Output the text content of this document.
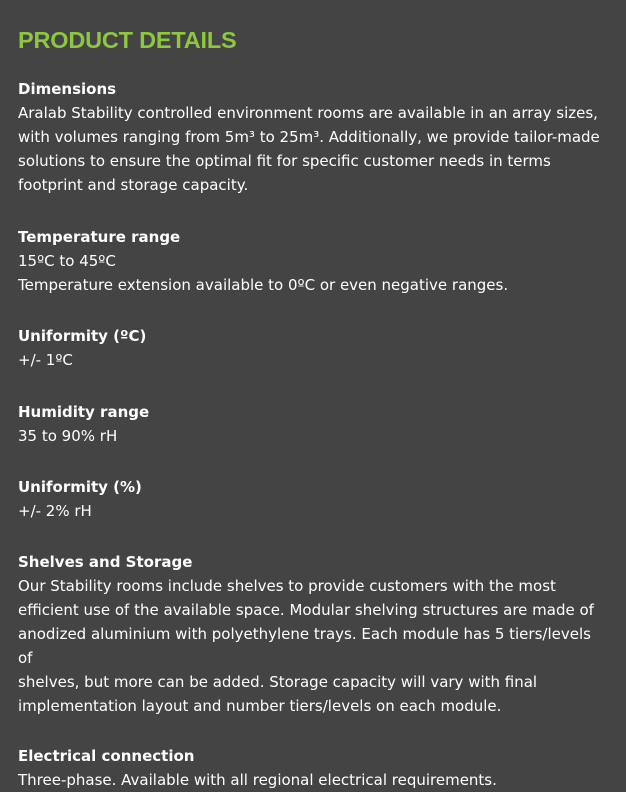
PRODUCT DETAILS
Dimensions

Aralab Stability controlled environment rooms are available in an array sizes,

with volumes ranging from 5m³ to 25m³. Additionally, we provide tailor-made

solutions to ensure the optimal fit for specific customer needs in terms

footprint and storage capacity.

Temperature range

15ºC to 45ºC

Temperature extension available to 0ºC or even negative ranges.

Uniformity (ºC)

+/- 1ºC

Humidity range

35 to 90% rH

Uniformity (%)

+/- 2% rH

Shelves and Storage

Our Stability rooms include shelves to provide customers with the most

efficient use of the available space. Modular shelving structures are made of

anodized aluminium with polyethylene trays. Each module has 5 tiers/levels of

shelves, but more can be added. Storage capacity will vary with final

implementation layout and number tiers/levels on each module.

Electrical connection

Three-phase. Available with all regional electrical requirements.
